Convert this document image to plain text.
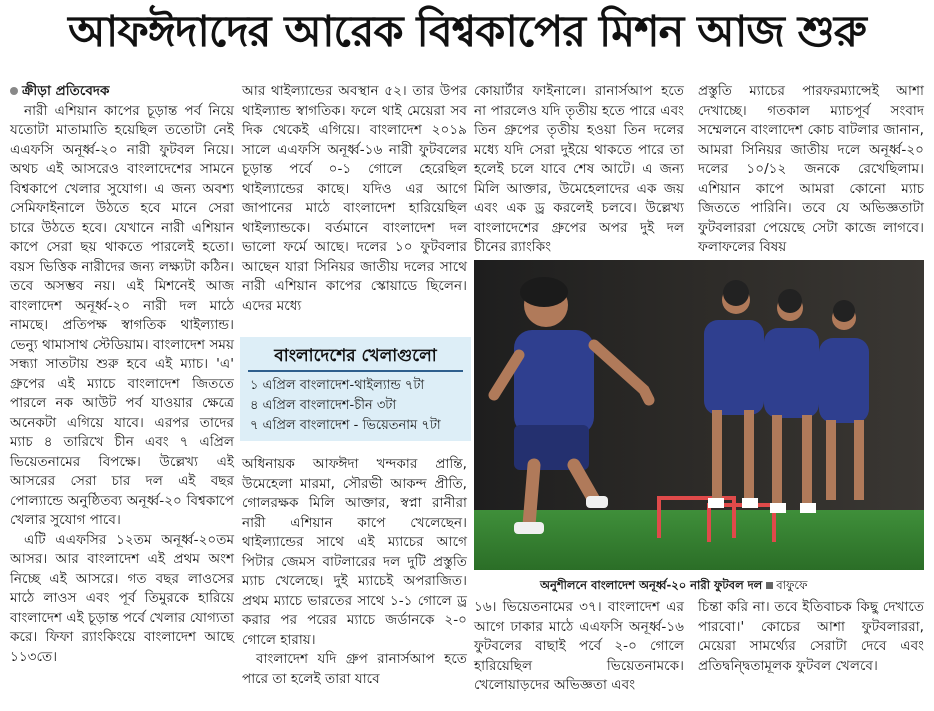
আফঈদাদের আরেক বিশ্বকাপের মিশন আজ শুরু

ক্রীড়া প্রতিবেদক

নারী এশিয়ান কাপের চূড়ান্ত পর্ব নিয়ে যতোটা মাতামাতি হয়েছিল ততোটা নেই এএফসি অনূর্ধ্ব-২০ নারী ফুটবল নিয়ে। অথচ এই আসরেও বাংলাদেশের সামনে বিশ্বকাপে খেলার সুযোগ। এ জন্য অবশ্য সেমিফাইনালে উঠতে হবে মানে সেরা চারে উঠতে হবে। যেখানে নারী এশিয়ান কাপে সেরা ছয় থাকতে পারলেই হতো। বয়স ভিত্তিক নারীদের জন্য লক্ষ্যটা কঠিন। তবে অসম্ভব নয়। এই মিশনেই আজ বাংলাদেশ অনূর্ধ্ব-২০ নারী দল মাঠে নামছে। প্রতিপক্ষ স্বাগতিক থাইল্যান্ড। ভেন্যু থামাসাথ স্টেডিয়াম। বাংলাদেশ সময় সন্ধ্যা সাতটায় শুরু হবে এই ম্যাচ। 'এ' গ্রুপের এই ম্যাচে বাংলাদেশ জিততে পারলে নক আউট পর্ব যাওয়ার ক্ষেত্রে অনেকটা এগিয়ে যাবে। এরপর তাদের ম্যাচ ৪ তারিখে চীন এবং ৭ এপ্রিল ভিয়েতনামের বিপক্ষে। উল্লেখ্য এই আসরের সেরা চার দল এই বছর পোল্যান্ডে অনুষ্ঠিতব্য অনূর্ধ্ব-২০ বিশ্বকাপে খেলার সুযোগ পাবে।

এটি এএফসির ১২তম অনূর্ধ্ব-২০তম আসর। আর বাংলাদেশ এই প্রথম অংশ নিচ্ছে এই আসরে। গত বছর লাওসের মাঠে লাওস এবং পূর্ব তিমুরকে হারিয়ে বাংলাদেশ এই চূড়ান্ত পর্বে খেলার যোগ্যতা করে। ফিফা র‍্যাংকিংয়ে বাংলাদেশ আছে ১১৩তে।

আর থাইল্যান্ডের অবস্থান ৫২। তার উপর থাইল্যান্ড স্বাগতিক। ফলে থাই মেয়েরা সব দিক থেকেই এগিয়ে। বাংলাদেশ ২০১৯ সালে এএফসি অনূর্ধ্ব-১৬ নারী ফুটবলের চূড়ান্ত পর্বে ০-১ গোলে হেরেছিল থাইল্যান্ডের কাছে। যদিও এর আগে জাপানের মাঠে বাংলাদেশ হারিয়েছিল থাইল্যান্ডকে। বর্তমানে বাংলাদেশ দল ভালো ফর্মে আছে। দলের ১০ ফুটবলার আছেন যারা সিনিয়র জাতীয় দলের সাথে নারী এশিয়ান কাপের স্কোয়াডে ছিলেন। এদের মধ্যে

বাংলাদেশের খেলাগুলো
১ এপ্রিল বাংলাদেশ-থাইল্যান্ড ৭টা
৪ এপ্রিল বাংলাদেশ-চীন ৩টা
৭ এপ্রিল বাংলাদেশ - ভিয়েতনাম ৭টা

অধিনায়ক আফঈদা খন্দকার প্রান্তি, উমেহেলা মারমা, সৌরভী আকন্দ প্রীতি, গোলরক্ষক মিলি আক্তার, স্বপ্না রানীরা নারী এশিয়ান কাপে খেলেছেন। থাইল্যান্ডের সাথে এই ম্যাচের আগে পিটার জেমস বাটলারের দল দুটি প্রস্তুতি ম্যাচ খেলেছে। দুই ম্যাচেই অপরাজিত। প্রথম ম্যাচে ভারতের সাথে ১-১ গোলে ড্র করার পর পরের ম্যাচে জর্ডানকে ২-০ গোলে হারায়।

বাংলাদেশ যদি গ্রুপ রানার্সআপ হতে পারে তা হলেই তারা যাবে

কোয়ার্টার ফাইনালে। রানার্সআপ হতে না পারলেও যদি তৃতীয় হতে পারে এবং তিন গ্রুপের তৃতীয় হওয়া তিন দলের মধ্যে যদি সেরা দুইয়ে থাকতে পারে তা হলেই চলে যাবে শেষ আটে। এ জন্য মিলি আক্তার, উমেহেলাদের এক জয় এবং এক ড্র করলেই চলবে। উল্লেখ্য বাংলাদেশের গ্রুপের অপর দুই দল চীনের র‍্যাংকিং

প্রস্তুতি ম্যাচের পারফরম্যান্সেই আশা দেখাচ্ছে। গতকাল ম্যাচপূর্ব সংবাদ সম্মেলনে বাংলাদেশ কোচ বাটলার জানান, আমরা সিনিয়র জাতীয় দলে অনূর্ধ্ব-২০ দলের ১০/১২ জনকে রেখেছিলাম। এশিয়ান কাপে আমরা কোনো ম্যাচ জিততে পারিনি। তবে যে অভিজ্ঞতাটা ফুটবলাররা পেয়েছে সেটা কাজে লাগবে। ফলাফলের বিষয়

অনুশীলনে বাংলাদেশ অনূর্ধ্ব-২০ নারী ফুটবল দল বাফুফে

১৬। ভিয়েতনামের ৩৭। বাংলাদেশ এর আগে ঢাকার মাঠে এএফসি অনূর্ধ্ব-১৬ ফুটবলের বাছাই পর্বে ২-০ গোলে হারিয়েছিল ভিয়েতনামকে। খেলোয়াড়দের অভিজ্ঞতা এবং

চিন্তা করি না। তবে ইতিবাচক কিছু দেখাতে পারবো।' কোচের আশা ফুটবলাররা, মেয়েরা সামর্থ্যের সেরাটা দেবে এবং প্রতিদ্বন্দ্বিতামূলক ফুটবল খেলবে।
